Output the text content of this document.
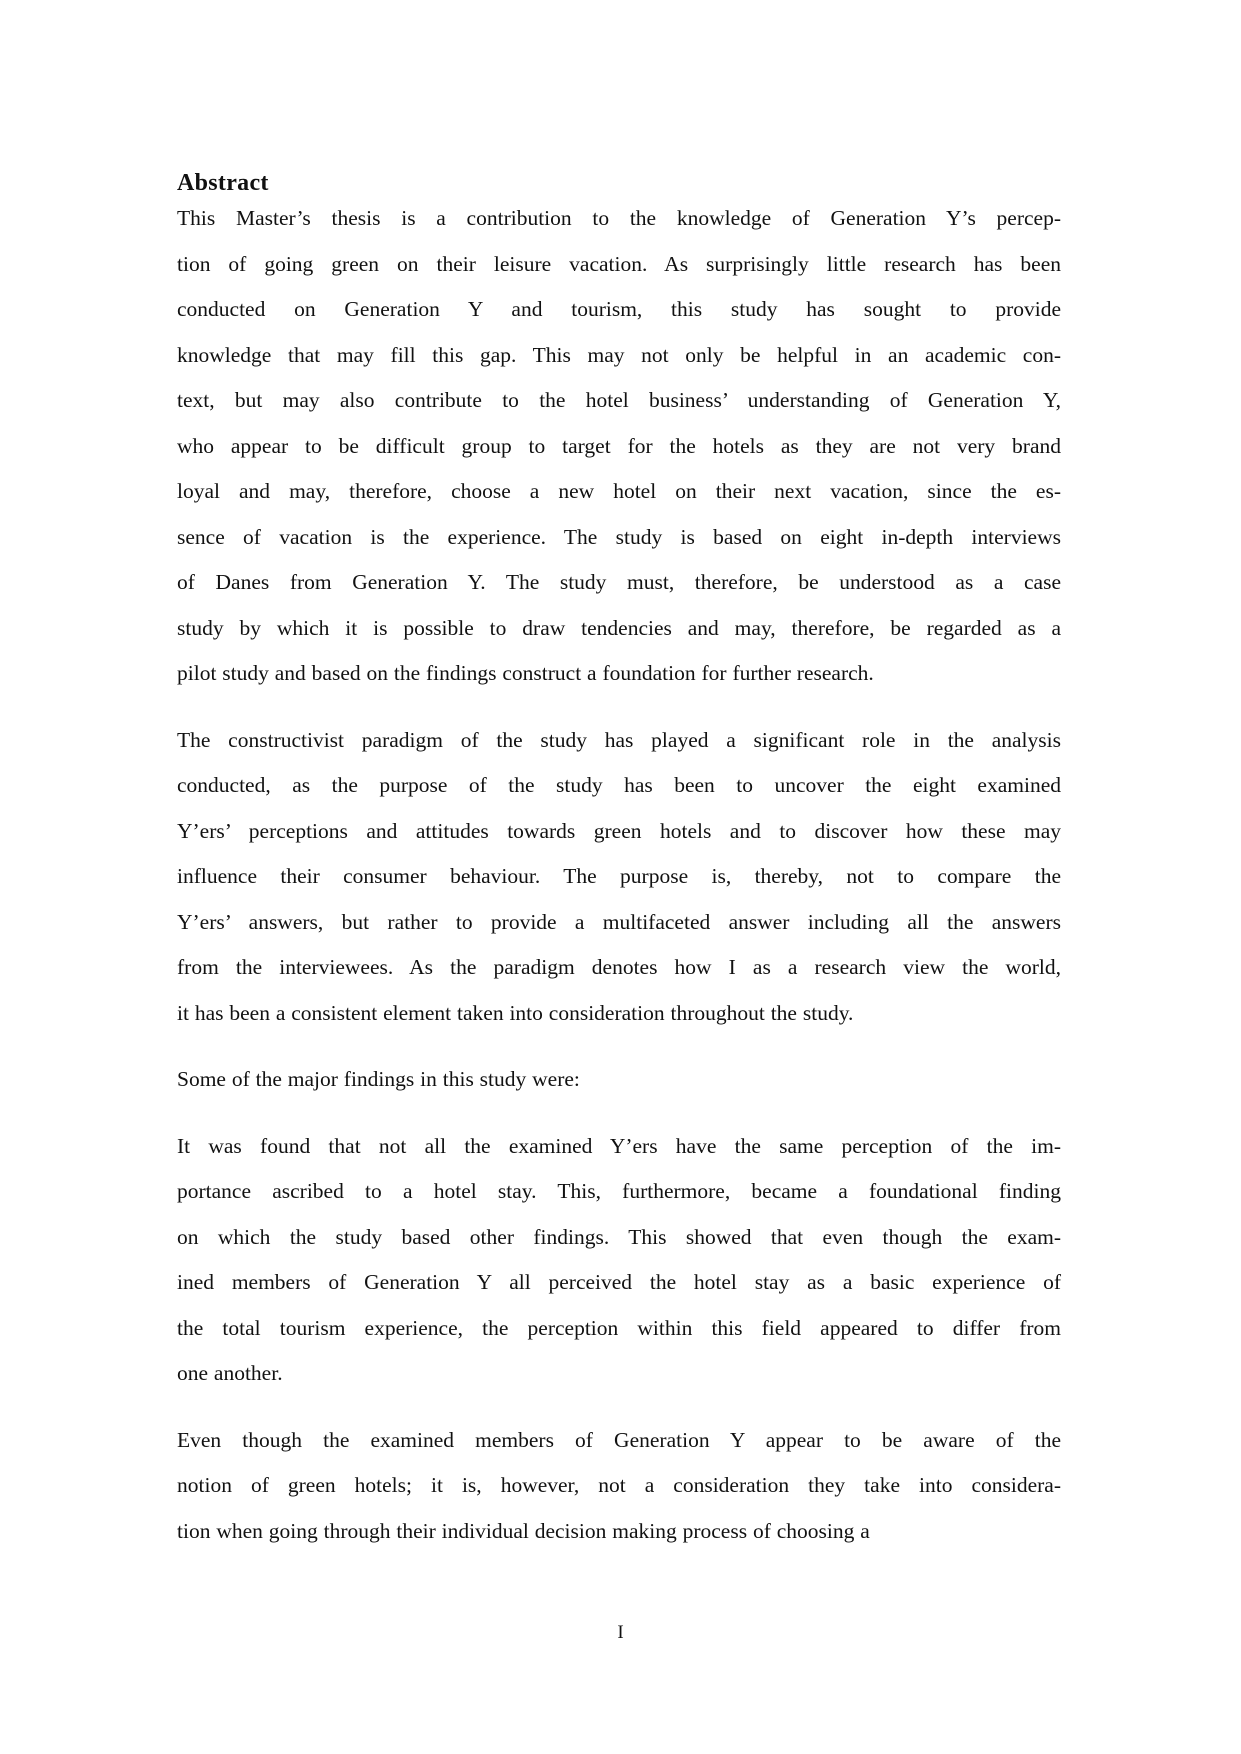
Abstract
This Master’s thesis is a contribution to the knowledge of Generation Y’s percep-
tion of going green on their leisure vacation. As surprisingly little research has been
conducted on Generation Y and tourism, this study has sought to provide
knowledge that may fill this gap. This may not only be helpful in an academic con-
text, but may also contribute to the hotel business’ understanding of Generation Y,
who appear to be difficult group to target for the hotels as they are not very brand
loyal and may, therefore, choose a new hotel on their next vacation, since the es-
sence of vacation is the experience. The study is based on eight in-depth interviews
of Danes from Generation Y. The study must, therefore, be understood as a case
study by which it is possible to draw tendencies and may, therefore, be regarded as a
pilot study and based on the findings construct a foundation for further research.
The constructivist paradigm of the study has played a significant role in the analysis
conducted, as the purpose of the study has been to uncover the eight examined
Y’ers’ perceptions and attitudes towards green hotels and to discover how these may
influence their consumer behaviour. The purpose is, thereby, not to compare the
Y’ers’ answers, but rather to provide a multifaceted answer including all the answers
from the interviewees. As the paradigm denotes how I as a research view the world,
it has been a consistent element taken into consideration throughout the study.
Some of the major findings in this study were:
It was found that not all the examined Y’ers have the same perception of the im-
portance ascribed to a hotel stay. This, furthermore, became a foundational finding
on which the study based other findings. This showed that even though the exam-
ined members of Generation Y all perceived the hotel stay as a basic experience of
the total tourism experience, the perception within this field appeared to differ from
one another.
Even though the examined members of Generation Y appear to be aware of the
notion of green hotels; it is, however, not a consideration they take into considera-
tion when going through their individual decision making process of choosing a
I
